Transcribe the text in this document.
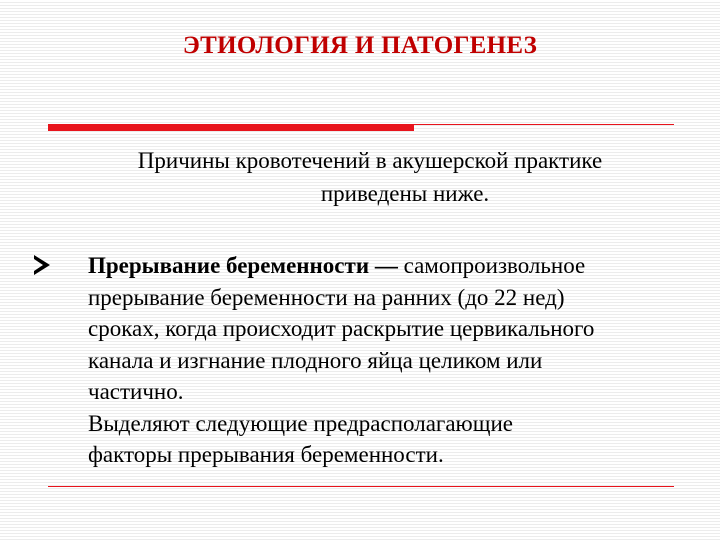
ЭТИОЛОГИЯ И ПАТОГЕНЕЗ
Причины кровотечений в акушерской практике
приведены ниже.
Прерывание беременности — самопроизвольное
прерывание беременности на ранних (до 22 нед)
сроках, когда происходит раскрытие цервикального
канала и изгнание плодного яйца целиком или
частично.
Выделяют следующие предрасполагающие
факторы прерывания беременности.
